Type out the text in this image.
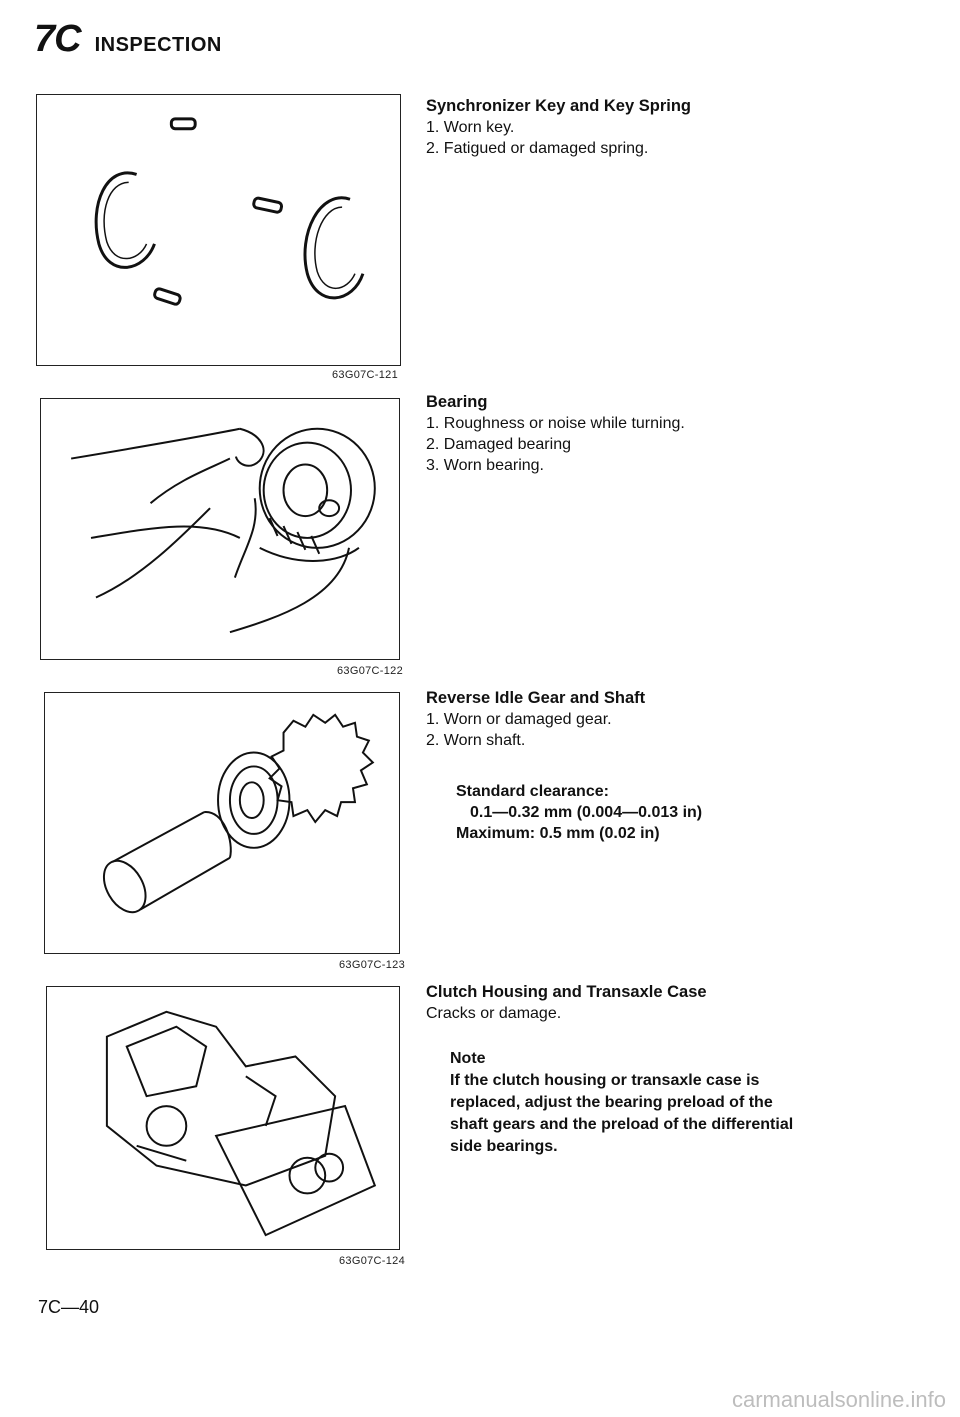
7C INSPECTION
63G07C-121
63G07C-122
63G07C-123
63G07C-124
Synchronizer Key and Key Spring
1. Worn key.
2. Fatigued or damaged spring.
Bearing
1. Roughness or noise while turning.
2. Damaged bearing
3. Worn bearing.
Reverse Idle Gear and Shaft
1. Worn or damaged gear.
2. Worn shaft.
Standard clearance:
0.1—0.32 mm (0.004—0.013 in)
Maximum: 0.5 mm (0.02 in)
Clutch Housing and Transaxle Case
Cracks or damage.
Note
If the clutch housing or transaxle case is
replaced, adjust the bearing preload of the
shaft gears and the preload of the differential
side bearings.
7C—40
carmanualsonline.info
